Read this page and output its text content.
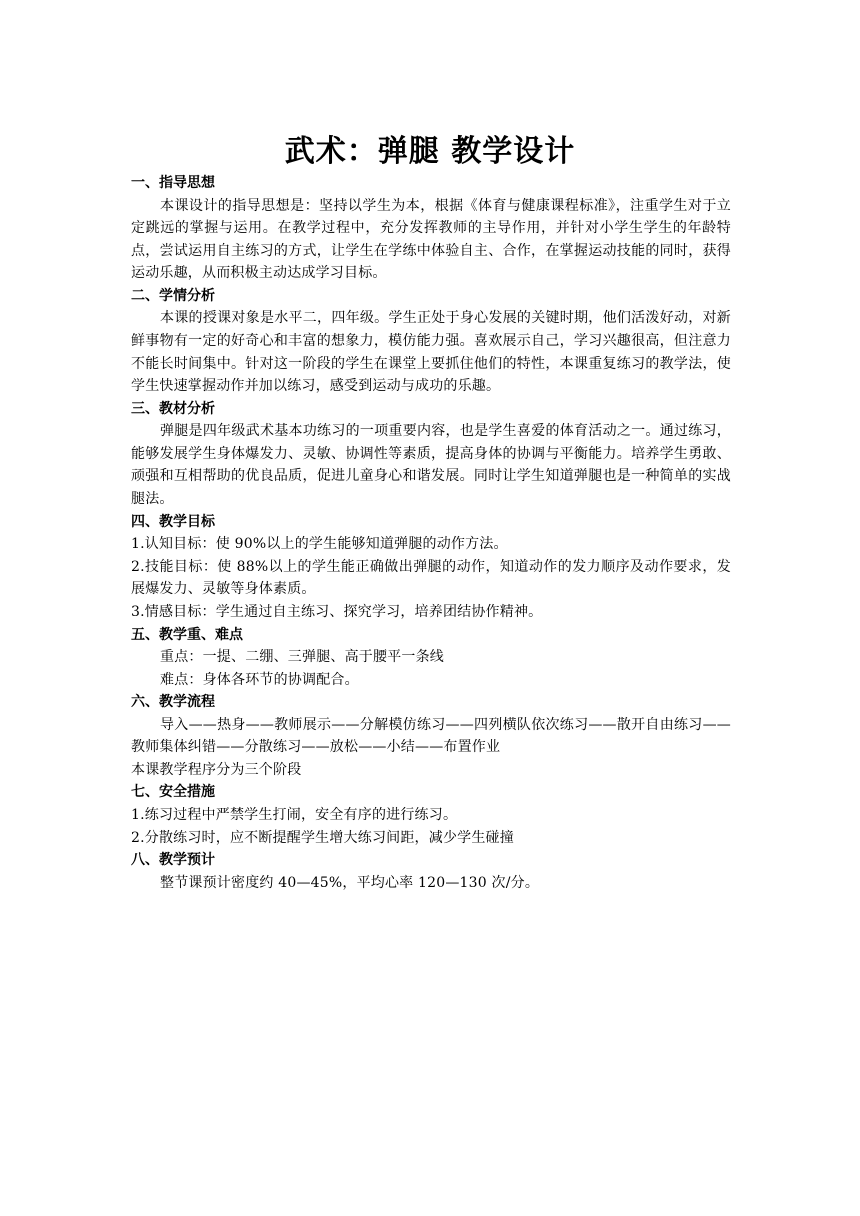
武术：弹腿 教学设计
一、指导思想
本课设计的指导思想是：坚持以学生为本，根据《体育与健康课程标准》，注重学生对于立定跳远的掌握与运用。在教学过程中，充分发挥教师的主导作用，并针对小学生学生的年龄特点，尝试运用自主练习的方式，让学生在学练中体验自主、合作，在掌握运动技能的同时，获得运动乐趣，从而积极主动达成学习目标。
二、学情分析
本课的授课对象是水平二，四年级。学生正处于身心发展的关键时期，他们活泼好动，对新鲜事物有一定的好奇心和丰富的想象力，模仿能力强。喜欢展示自己，学习兴趣很高，但注意力不能长时间集中。针对这一阶段的学生在课堂上要抓住他们的特性，本课重复练习的教学法，使学生快速掌握动作并加以练习，感受到运动与成功的乐趣。
三、教材分析
弹腿是四年级武术基本功练习的一项重要内容，也是学生喜爱的体育活动之一。通过练习，能够发展学生身体爆发力、灵敏、协调性等素质，提高身体的协调与平衡能力。培养学生勇敢、顽强和互相帮助的优良品质，促进儿童身心和谐发展。同时让学生知道弹腿也是一种简单的实战腿法。
四、教学目标
1.认知目标：使 90%以上的学生能够知道弹腿的动作方法。
2.技能目标：使 88%以上的学生能正确做出弹腿的动作，知道动作的发力顺序及动作要求，发展爆发力、灵敏等身体素质。
3.情感目标：学生通过自主练习、探究学习，培养团结协作精神。
五、教学重、难点
重点：一提、二绷、三弹腿、高于腰平一条线
难点：身体各环节的协调配合。
六、教学流程
导入——热身——教师展示——分解模仿练习——四列横队依次练习——散开自由练习——教师集体纠错——分散练习——放松——小结——布置作业
本课教学程序分为三个阶段
七、安全措施
1.练习过程中严禁学生打闹，安全有序的进行练习。
2.分散练习时，应不断提醒学生增大练习间距，减少学生碰撞
八、教学预计
整节课预计密度约 40—45%，平均心率 120—130 次/分。
